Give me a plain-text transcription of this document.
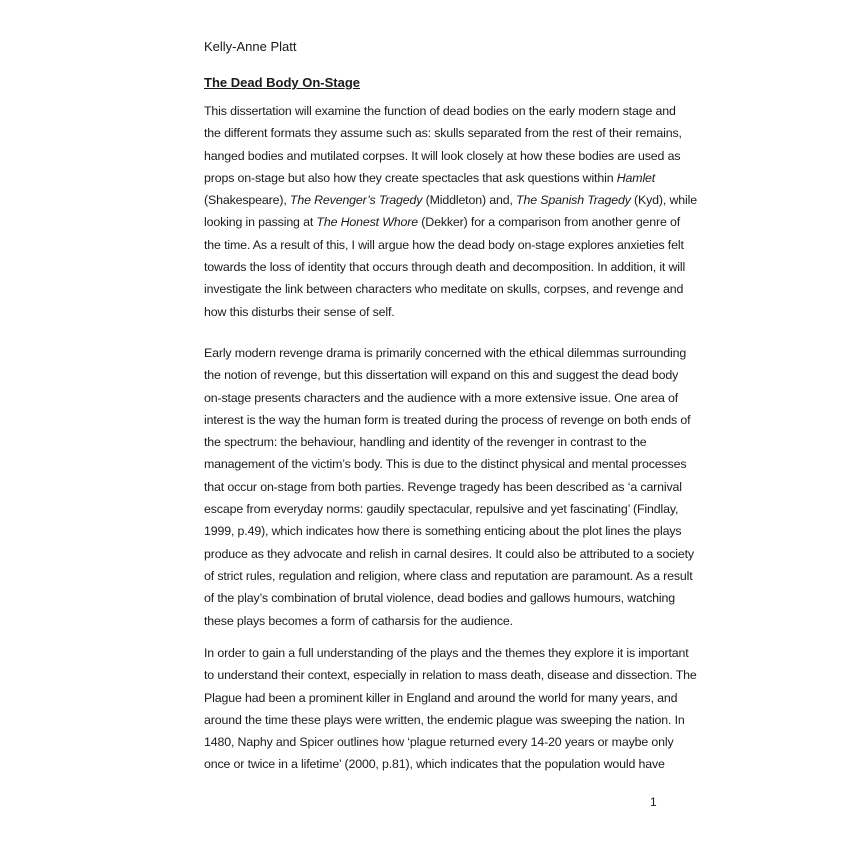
Kelly-Anne Platt

The Dead Body On-Stage

This dissertation will examine the function of dead bodies on the early modern stage and
the different formats they assume such as: skulls separated from the rest of their remains,
hanged bodies and mutilated corpses. It will look closely at how these bodies are used as
props on-stage but also how they create spectacles that ask questions within Hamlet
(Shakespeare), The Revenger’s Tragedy (Middleton) and, The Spanish Tragedy (Kyd), while
looking in passing at The Honest Whore (Dekker) for a comparison from another genre of
the time. As a result of this, I will argue how the dead body on-stage explores anxieties felt
towards the loss of identity that occurs through death and decomposition. In addition, it will
investigate the link between characters who meditate on skulls, corpses, and revenge and
how this disturbs their sense of self.
Early modern revenge drama is primarily concerned with the ethical dilemmas surrounding
the notion of revenge, but this dissertation will expand on this and suggest the dead body
on-stage presents characters and the audience with a more extensive issue. One area of
interest is the way the human form is treated during the process of revenge on both ends of
the spectrum: the behaviour, handling and identity of the revenger in contrast to the
management of the victim’s body. This is due to the distinct physical and mental processes
that occur on-stage from both parties. Revenge tragedy has been described as ‘a carnival
escape from everyday norms: gaudily spectacular, repulsive and yet fascinating’ (Findlay,
1999, p.49), which indicates how there is something enticing about the plot lines the plays
produce as they advocate and relish in carnal desires. It could also be attributed to a society
of strict rules, regulation and religion, where class and reputation are paramount. As a result
of the play’s combination of brutal violence, dead bodies and gallows humours, watching
these plays becomes a form of catharsis for the audience.
In order to gain a full understanding of the plays and the themes they explore it is important
to understand their context, especially in relation to mass death, disease and dissection. The
Plague had been a prominent killer in England and around the world for many years, and
around the time these plays were written, the endemic plague was sweeping the nation. In
1480, Naphy and Spicer outlines how ‘plague returned every 14-20 years or maybe only
once or twice in a lifetime’ (2000, p.81), which indicates that the population would have

1
